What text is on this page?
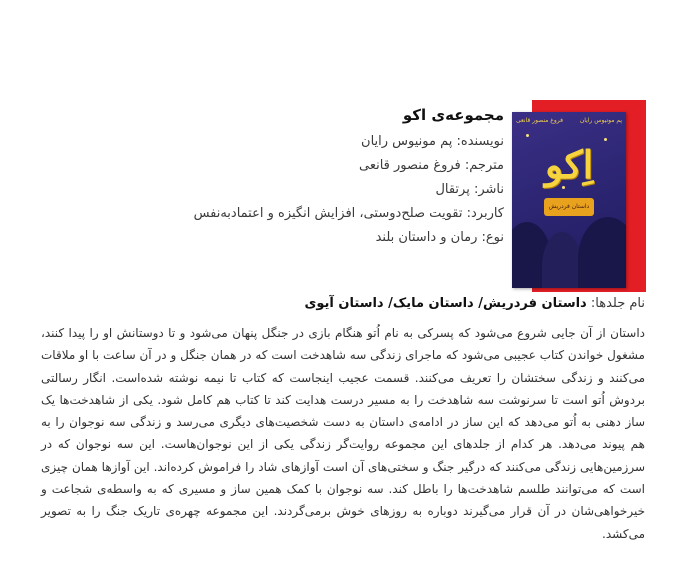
پم مونیوس رایان
فروغ منصور قانعی
اِکو
داستان فردریش
مجموعه‌ی اکو
نویسنده: پم مونیوس رایان
مترجم: فروغ منصور قانعی
ناشر: پرتقال
کاربرد: تقویت صلح‌دوستی، افزایش انگیزه و اعتمادبه‌نفس
نوع: رمان و داستان بلند
نام جلدها: داستان فردریش/ داستان مایک/ داستان آیوی

داستان از آن جایی شروع می‌شود که پسرکی به نام اُتو هنگام بازی در جنگل پنهان می‌شود و تا دوستانش او را پیدا کنند، مشغول خواندن کتاب عجیبی می‌شود که ماجرای زندگی سه شاهدخت است که در همان جنگل و در آن ساعت با او ملاقات می‌کنند و زندگی سختشان را تعریف می‌کنند. قسمت عجیب اینجاست که کتاب تا نیمه نوشته شده‌است. انگار رسالتی بردوش اُتو است تا سرنوشت سه شاهدخت را به مسیر درست هدایت کند تا کتاب هم کامل شود. یکی از شاهدخت‌ها یک ساز دهنی به اُتو می‌دهد که این ساز در ادامه‌ی داستان به دست شخصیت‌های دیگری می‌رسد و زندگی سه نوجوان را به هم پیوند می‌دهد. هر کدام از جلدهای این مجموعه روایت‌گر زندگی یکی از این نوجوان‌هاست. این سه نوجوان که در سرزمین‌هایی زندگی می‌کنند که درگیر جنگ و سختی‌های آن است آوازهای شاد را فراموش کرده‌اند. این آوازها همان چیزی است که می‌توانند طلسم شاهدخت‌ها را باطل کند. سه نوجوان با کمک همین ساز و مسیری که به واسطه‌ی شجاعت و خیرخواهی‌شان در آن قرار می‌گیرند دوباره به روزهای خوش برمی‌گردند. این مجموعه چهره‌ی تاریک جنگ را به تصویر می‌کشد.
